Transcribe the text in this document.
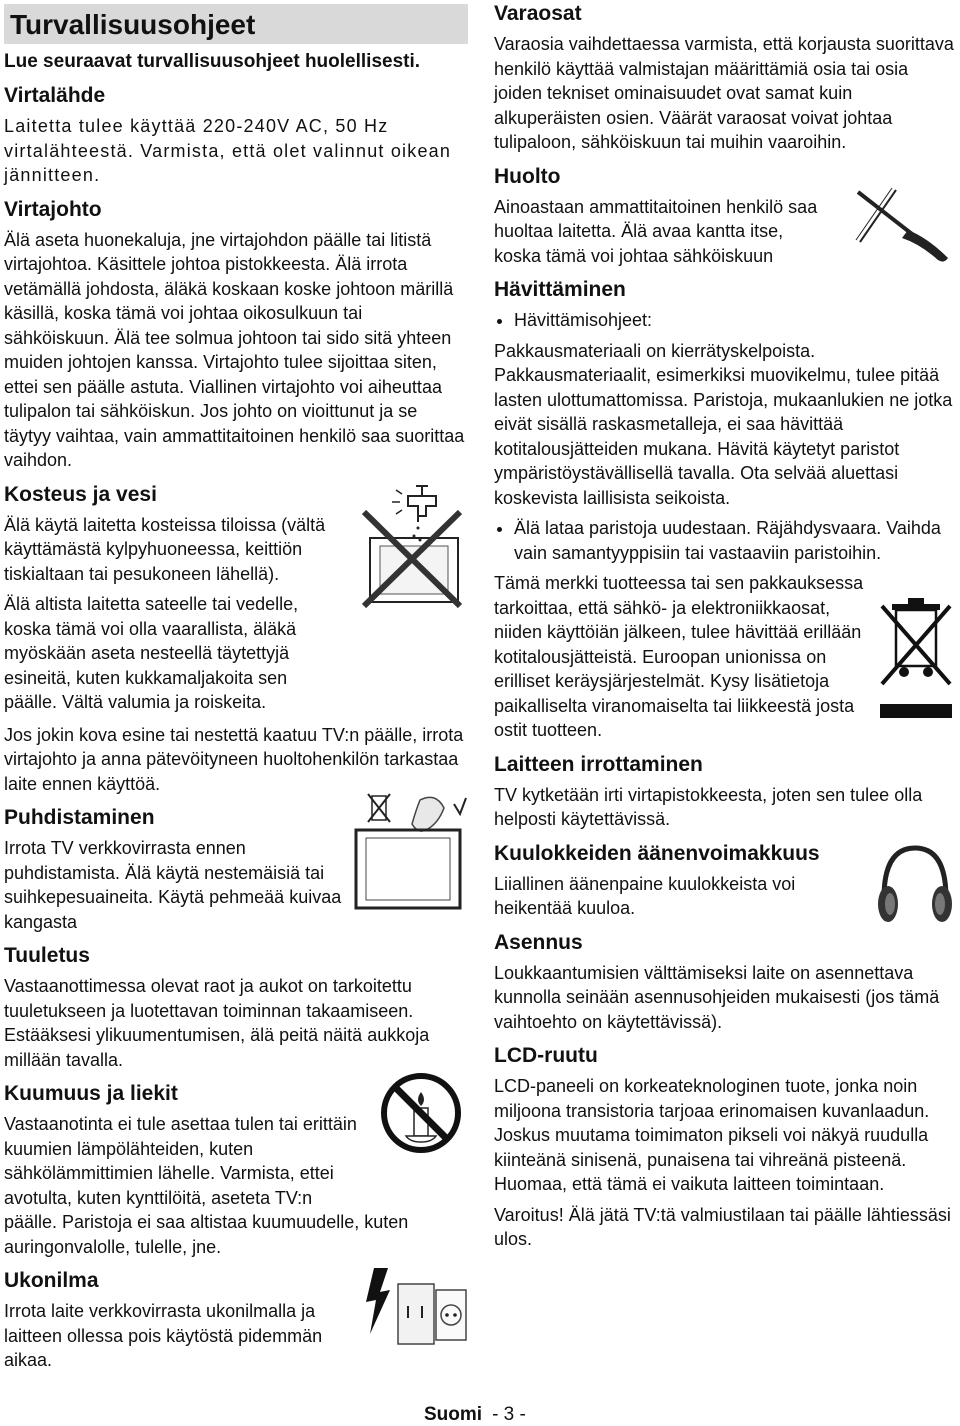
Turvallisuusohjeet
Lue seuraavat turvallisuusohjeet huolellisesti.
Virtalähde

Laitetta tulee käyttää 220-240V AC, 50 Hz virtalähteestä. Varmista, että olet valinnut oikean jännitteen.

Virtajohto

Älä aseta huonekaluja, jne virtajohdon päälle tai litistä virtajohtoa. Käsittele johtoa pistokkeesta. Älä irrota vetämällä johdosta, äläkä koskaan koske johtoon märillä käsillä, koska tämä voi johtaa oikosulkuun tai sähköiskuun. Älä tee solmua johtoon tai sido sitä yhteen muiden johtojen kanssa. Virtajohto tulee sijoittaa siten, ettei sen päälle astuta. Viallinen virtajohto voi aiheuttaa tulipalon tai sähköiskun. Jos johto on vioittunut ja se täytyy vaihtaa, vain ammattitaitoinen henkilö saa suorittaa vaihdon.

Kosteus ja vesi

Älä käytä laitetta kosteissa tiloissa (vältä käyttämästä kylpyhuoneessa, keittiön tiskialtaan tai pesukoneen lähellä).

Älä altista laitetta sateelle tai vedelle, koska tämä voi olla vaarallista, äläkä myöskään aseta nesteellä täytettyjä esineitä, kuten kukkamaljakoita sen päälle. Vältä valumia ja roiskeita.

Jos jokin kova esine tai nestettä kaatuu TV:n päälle, irrota virtajohto ja anna pätevöityneen huoltohenkilön tarkastaa laite ennen käyttöä.

Puhdistaminen

Irrota TV verkkovirrasta ennen puhdistamista. Älä käytä nestemäisiä tai suihkepesuaineita. Käytä pehmeää kuivaa kangasta

Tuuletus

Vastaanottimessa olevat raot ja aukot on tarkoitettu tuuletukseen ja luotettavan toiminnan takaamiseen. Estääksesi ylikuumentumisen, älä peitä näitä aukkoja millään tavalla.

Kuumuus ja liekit

Vastaanotinta ei tule asettaa tulen tai erittäin kuumien lämpölähteiden, kuten sähkölämmittimien lähelle. Varmista, ettei avotulta, kuten kynttilöitä, aseteta TV:n

päälle. Paristoja ei saa altistaa kuumuudelle, kuten auringonvalolle, tulelle, jne.

Ukonilma

Irrota laite verkkovirrasta ukonilmalla ja laitteen ollessa pois käytöstä pidemmän aikaa.

Varaosat

Varaosia vaihdettaessa varmista, että korjausta suorittava henkilö käyttää valmistajan määrittämiä osia tai osia joiden tekniset ominaisuudet ovat samat kuin alkuperäisten osien. Väärät varaosat voivat johtaa tulipaloon, sähköiskuun tai muihin vaaroihin.

Huolto

Ainoastaan ammattitaitoinen henkilö saa huoltaa laitetta. Älä avaa kantta itse, koska tämä voi johtaa sähköiskuun

Hävittäminen
• Hävittämisohjeet:

Pakkausmateriaali on kierrätyskelpoista. Pakkausmateriaalit, esimerkiksi muovikelmu, tulee pitää lasten ulottumattomissa. Paristoja, mukaanlukien ne jotka eivät sisällä raskasmetalleja, ei saa hävittää kotitalousjätteiden mukana. Hävitä käytetyt paristot ympäristöystävällisellä tavalla. Ota selvää aluettasi koskevista laillisista seikoista.

• Älä lataa paristoja uudestaan. Räjähdysvaara. Vaihda vain samantyyppisiin tai vastaaviin paristoihin.

Tämä merkki tuotteessa tai sen pakkauksessa tarkoittaa, että sähkö- ja elektroniikkaosat, niiden käyttöiän jälkeen, tulee hävittää erillään kotitalousjätteistä. Euroopan unionissa on erilliset keräysjärjestelmät. Kysy lisätietoja paikalliselta viranomaiselta tai liikkeestä josta ostit tuotteen.

Laitteen irrottaminen

TV kytketään irti virtapistokkeesta, joten sen tulee olla helposti käytettävissä.

Kuulokkeiden äänenvoimakkuus

Liiallinen äänenpaine kuulokkeista voi heikentää kuuloa.

Asennus

Loukkaantumisien välttämiseksi laite on asennettava kunnolla seinään asennusohjeiden mukaisesti (jos tämä vaihtoehto on käytettävissä).

LCD-ruutu

LCD-paneeli on korkeateknologinen tuote, jonka noin miljoona transistoria tarjoaa erinomaisen kuvanlaadun. Joskus muutama toimimaton pikseli voi näkyä ruudulla kiinteänä sinisenä, punaisena tai vihreänä pisteenä. Huomaa, että tämä ei vaikuta laitteen toimintaan.

Varoitus! Älä jätä TV:tä valmiustilaan tai päälle lähtiessäsi ulos.

Suomi - 3 -
